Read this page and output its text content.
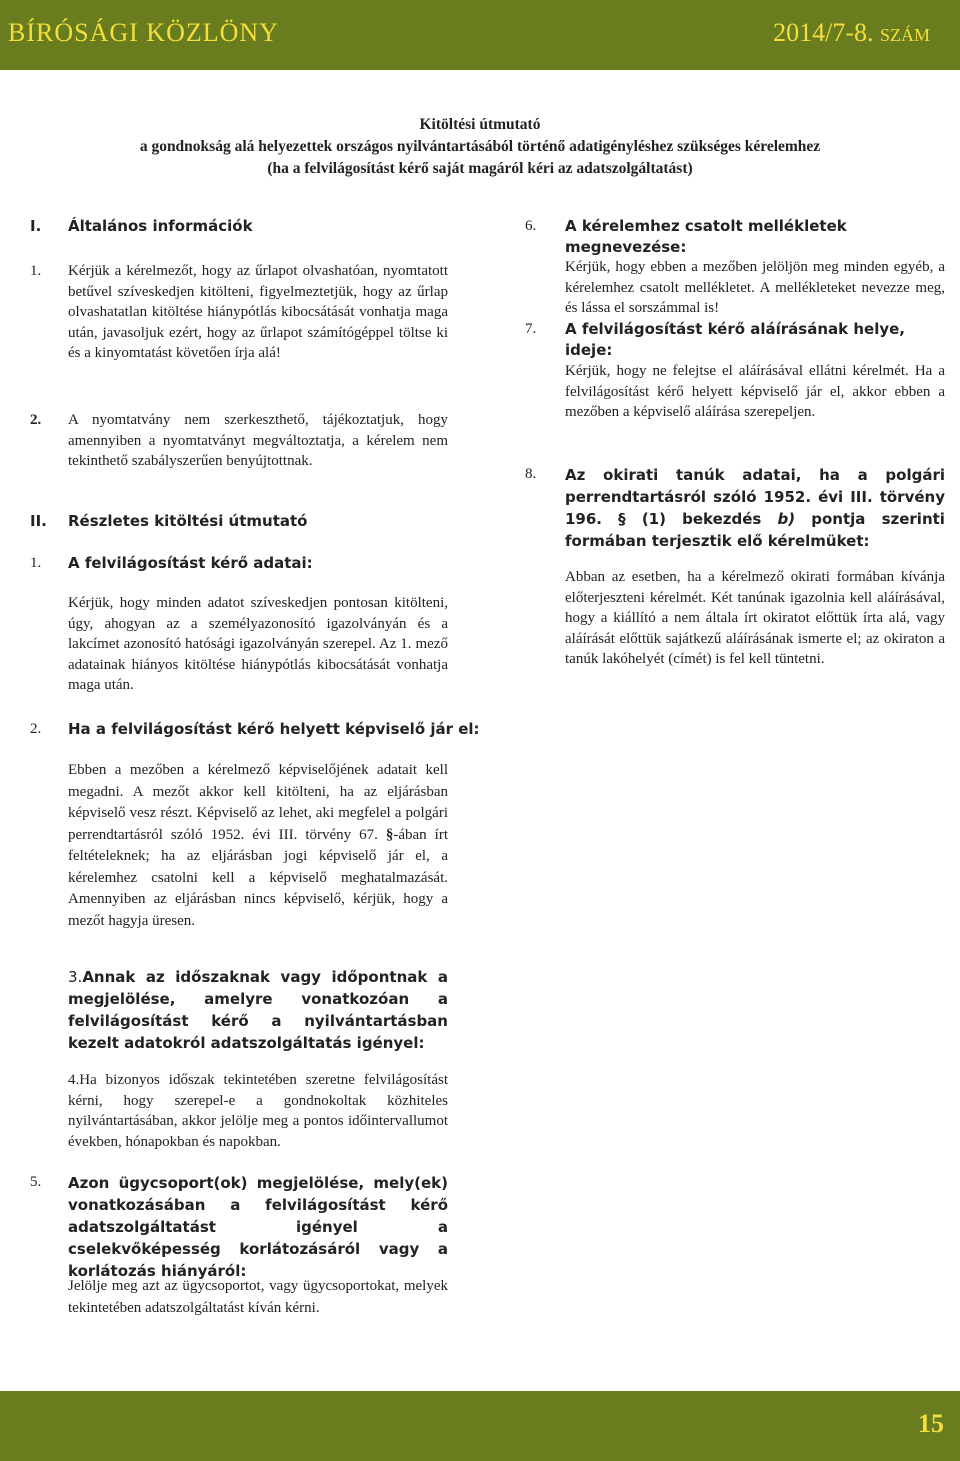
BÍRÓSÁGI KÖZLÖNY	2014/7-8. SZÁM
Kitöltési útmutató
a gondnokság alá helyezettek országos nyilvántartásából történő adatigényléshez szükséges kérelemhez
(ha a felvilágosítást kérő saját magáról kéri az adatszolgáltatást)
I. Általános információk
1. Kérjük a kérelmezőt, hogy az űrlapot olvashatóan, nyomtatott betűvel szíveskedjen kitölteni, figyelmeztetjük, hogy az űrlap olvashatatlan kitöltése hiánypótlás kibocsátását vonhatja maga után, javasoljuk ezért, hogy az űrlapot számítógéppel töltse ki és a kinyomtatást követően írja alá!
2. A nyomtatvány nem szerkeszthető, tájékoztatjuk, hogy amennyiben a nyomtatványt megváltoztatja, a kérelem nem tekinthető szabályszerűen benyújtottnak.
II. Részletes kitöltési útmutató
1. A felvilágosítást kérő adatai:
Kérjük, hogy minden adatot szíveskedjen pontosan kitölteni, úgy, ahogyan az a személyazonosító igazolványán és a lakcímet azonosító hatósági igazolványán szerepel. Az 1. mező adatainak hiányos kitöltése hiánypótlás kibocsátását vonhatja maga után.
2. Ha a felvilágosítást kérő helyett képviselő jár el:
Ebben a mezőben a kérelmező képviselőjének adatait kell megadni. A mezőt akkor kell kitölteni, ha az eljárásban képviselő vesz részt. Képviselő az lehet, aki megfelel a polgári perrendtartásról szóló 1952. évi III. törvény 67. §-ában írt feltételeknek; ha az eljárásban jogi képviselő jár el, a kérelemhez csatolni kell a képviselő meghatalmazását. Amennyiben az eljárásban nincs képviselő, kérjük, hogy a mezőt hagyja üresen.
3.Annak az időszaknak vagy időpontnak a megjelölése, amelyre vonatkozóan a felvilágosítást kérő a nyilvántartásban kezelt adatokról adatszolgáltatás igényel:
4.Ha bizonyos időszak tekintetében szeretne felvilágosítást kérni, hogy szerepel-e a gondnokoltak közhiteles nyilvántartásában, akkor jelölje meg a pontos időintervallumot években, hónapokban és napokban.
5. Azon ügycsoport(ok) megjelölése, mely(ek) vonatkozásában a felvilágosítást kérő adatszolgáltatást igényel a cselekvőképesség korlátozásáról vagy a korlátozás hiányáról:
Jelölje meg azt az ügycsoportot, vagy ügycsoportokat, melyek tekintetében adatszolgáltatást kíván kérni.
6. A kérelemhez csatolt mellékletek megnevezése:
Kérjük, hogy ebben a mezőben jelöljön meg minden egyéb, a kérelemhez csatolt mellékletet. A mellékleteket nevezze meg, és lássa el sorszámmal is!
7. A felvilágosítást kérő aláírásának helye, ideje:
Kérjük, hogy ne felejtse el aláírásával ellátni kérelmét. Ha a felvilágosítást kérő helyett képviselő jár el, akkor ebben a mezőben a képviselő aláírása szerepeljen.
8. Az okirati tanúk adatai, ha a polgári perrendtartásról szóló 1952. évi III. törvény 196. § (1) bekezdés b) pontja szerinti formában terjesztik elő kérelmüket:
Abban az esetben, ha a kérelmező okirati formában kívánja előterjeszteni kérelmét. Két tanúnak igazolnia kell aláírásával, hogy a kiállító a nem általa írt okiratot előttük írta alá, vagy aláírását előttük sajátkezű aláírásának ismerte el; az okiraton a tanúk lakóhelyét (címét) is fel kell tüntetni.
15
